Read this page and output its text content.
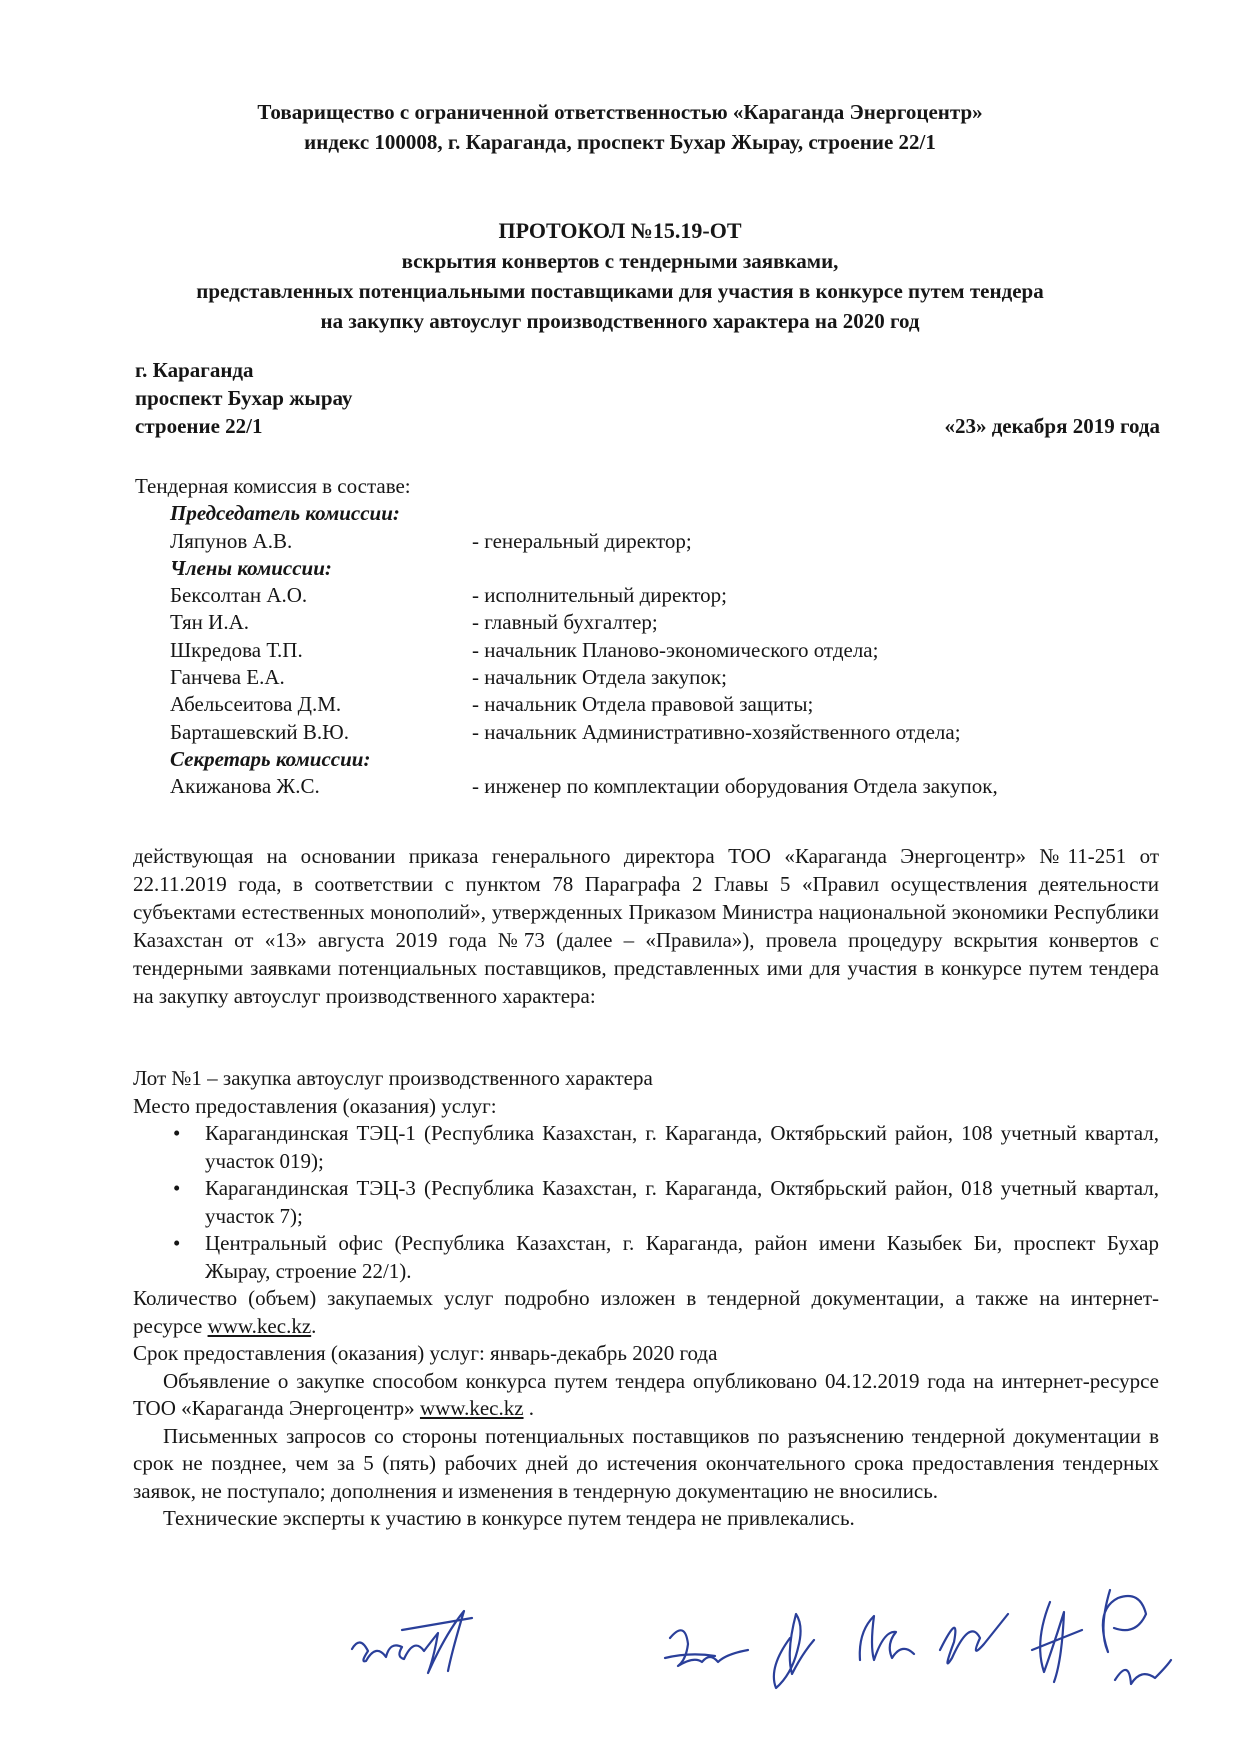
Товарищество с ограниченной ответственностью «Караганда Энергоцентр»
индекс 100008, г. Караганда, проспект Бухар Жырау, строение 22/1
ПРОТОКОЛ №15.19-ОТ
вскрытия конвертов с тендерными заявками,
представленных потенциальными поставщиками для участия в конкурсе путем тендера
на закупку автоуслуг производственного характера на 2020 год
г. Караганда
проспект Бухар жырау
строение 22/1	«23» декабря 2019 года
Тендерная комиссия в составе:
Председатель комиссии:
Ляпунов А.В.	- генеральный директор;
Члены комиссии:
Бексолтан А.О.	- исполнительный директор;
Тян И.А.	- главный бухгалтер;
Шкредова Т.П.	- начальник Планово-экономического отдела;
Ганчева Е.А.	- начальник Отдела закупок;
Абельсеитова Д.М.	- начальник Отдела правовой защиты;
Барташевский В.Ю.	- начальник Административно-хозяйственного отдела;
Секретарь комиссии:
Акижанова Ж.С.	- инженер по комплектации оборудования Отдела закупок,
действующая на основании приказа генерального директора ТОО «Караганда Энергоцентр» №11-251 от 22.11.2019 года, в соответствии с пунктом 78 Параграфа 2 Главы 5 «Правил осуществления деятельности субъектами естественных монополий», утвержденных Приказом Министра национальной экономики Республики Казахстан от «13» августа 2019 года №73 (далее – «Правила»), провела процедуру вскрытия конвертов с тендерными заявками потенциальных поставщиков, представленных ими для участия в конкурсе путем тендера на закупку автоуслуг производственного характера:
Лот №1 – закупка автоуслуг производственного характера
Место предоставления (оказания) услуг:
• Карагандинская ТЭЦ-1 (Республика Казахстан, г. Караганда, Октябрьский район, 108 учетный квартал, участок 019);
• Карагандинская ТЭЦ-3 (Республика Казахстан, г. Караганда, Октябрьский район, 018 учетный квартал, участок 7);
• Центральный офис (Республика Казахстан, г. Караганда, район имени Казыбек Би, проспект Бухар Жырау, строение 22/1).
Количество (объем) закупаемых услуг подробно изложен в тендерной документации, а также на интернет-ресурсе www.kec.kz.
Срок предоставления (оказания) услуг: январь-декабрь 2020 года
Объявление о закупке способом конкурса путем тендера опубликовано 04.12.2019 года на интернет-ресурсе ТОО «Караганда Энергоцентр» www.kec.kz .
Письменных запросов со стороны потенциальных поставщиков по разъяснению тендерной документации в срок не позднее, чем за 5 (пять) рабочих дней до истечения окончательного срока предоставления тендерных заявок, не поступало; дополнения и изменения в тендерную документацию не вносились.
Технические эксперты к участию в конкурсе путем тендера не привлекались.
